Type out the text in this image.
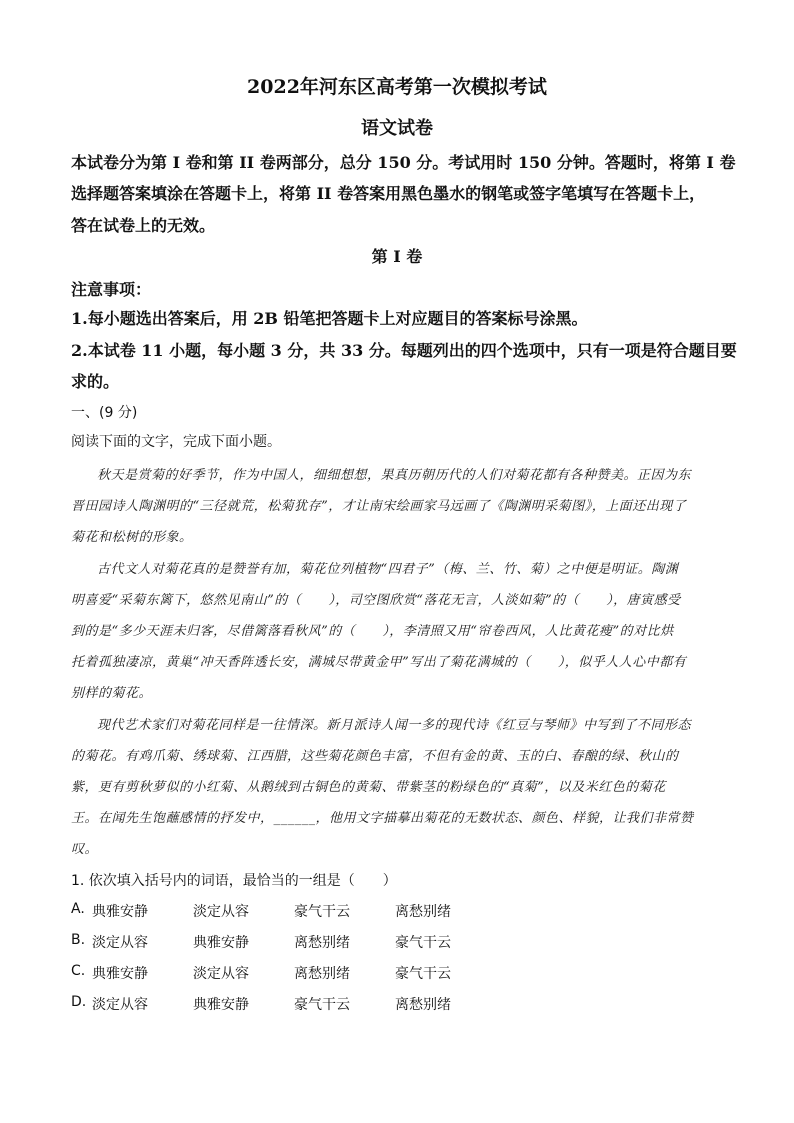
2022年河东区高考第一次模拟考试
语文试卷
本试卷分为第 I 卷和第 II 卷两部分，总分 150 分。考试用时 150 分钟。答题时，将第 I 卷
选择题答案填涂在答题卡上，将第 II 卷答案用黑色墨水的钢笔或签字笔填写在答题卡上，
答在试卷上的无效。
第 I 卷
注意事项：
1.每小题选出答案后，用 2B 铅笔把答题卡上对应题目的答案标号涂黑。
2.本试卷 11 小题，每小题 3 分，共 33 分。每题列出的四个选项中，只有一项是符合题目要
求的。
一、(9 分)
阅读下面的文字，完成下面小题。
秋天是赏菊的好季节，作为中国人，细细想想，果真历朝历代的人们对菊花都有各种赞美。正因为东
晋田园诗人陶渊明的“三径就荒，松菊犹存”，才让南宋绘画家马远画了《陶渊明采菊图》，上面还出现了
菊花和松树的形象。
古代文人对菊花真的是赞誉有加，菊花位列植物“四君子”（梅、兰、竹、菊）之中便是明证。陶渊
明喜爱“采菊东篱下，悠然见南山”的（　　），司空图欣赏“落花无言，人淡如菊”的（　　），唐寅感受
到的是“多少天涯未归客，尽借篱落看秋风”的（　　），李清照又用“帘卷西风，人比黄花瘦”的对比烘
托着孤独凄凉，黄巢“冲天香阵透长安，满城尽带黄金甲”写出了菊花满城的（　　），似乎人人心中都有
别样的菊花。
现代艺术家们对菊花同样是一往情深。新月派诗人闻一多的现代诗《红豆与琴师》中写到了不同形态
的菊花。有鸡爪菊、绣球菊、江西腊，这些菊花颜色丰富，不但有金的黄、玉的白、春酿的绿、秋山的
紫，更有剪秋萝似的小红菊、从鹅绒到古铜色的黄菊、带紫茎的粉绿色的“真菊”，以及米红色的菊花
王。在闻先生饱蘸感情的抒发中，______，他用文字描摹出菊花的无数状态、颜色、样貌，让我们非常赞
叹。
1. 依次填入括号内的词语，最恰当的一组是（　　）
A. 典雅安静	淡定从容	豪气干云	离愁别绪
B. 淡定从容	典雅安静	离愁别绪	豪气干云
C. 典雅安静	淡定从容	离愁别绪	豪气干云
D. 淡定从容	典雅安静	豪气干云	离愁别绪
